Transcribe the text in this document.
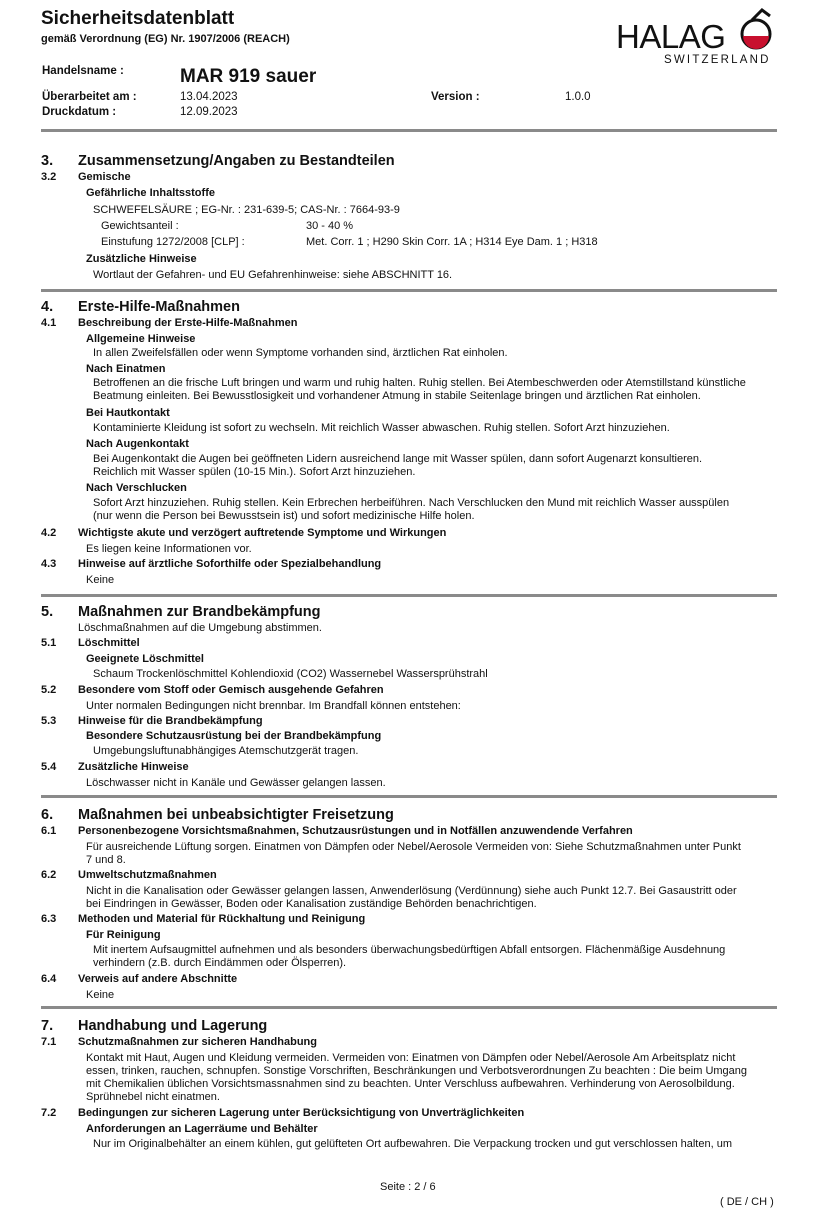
Sicherheitsdatenblatt
gemäß Verordnung (EG) Nr. 1907/2006 (REACH)	HALAG
SWITZERLAND
Handelsname :	MAR 919 sauer
Überarbeitet am :	13.04.2023	Version :	1.0.0
Druckdatum :	12.09.2023
3. Zusammensetzung/Angaben zu Bestandteilen
3.2 Gemische
Gefährliche Inhaltsstoffe
SCHWEFELSÄURE ; EG-Nr. : 231-639-5; CAS-Nr. : 7664-93-9
Gewichtsanteil :	30 - 40 %
Einstufung 1272/2008 [CLP] :	Met. Corr. 1 ; H290 Skin Corr. 1A ; H314 Eye Dam. 1 ; H318
Zusätzliche Hinweise
Wortlaut der Gefahren- und EU Gefahrenhinweise: siehe ABSCHNITT 16.
4. Erste-Hilfe-Maßnahmen
4.1 Beschreibung der Erste-Hilfe-Maßnahmen
Allgemeine Hinweise
In allen Zweifelsfällen oder wenn Symptome vorhanden sind, ärztlichen Rat einholen.
Nach Einatmen
Betroffenen an die frische Luft bringen und warm und ruhig halten. Ruhig stellen. Bei Atembeschwerden oder Atemstillstand künstliche
Beatmung einleiten. Bei Bewusstlosigkeit und vorhandener Atmung in stabile Seitenlage bringen und ärztlichen Rat einholen.
Bei Hautkontakt
Kontaminierte Kleidung ist sofort zu wechseln. Mit reichlich Wasser abwaschen. Ruhig stellen. Sofort Arzt hinzuziehen.
Nach Augenkontakt
Bei Augenkontakt die Augen bei geöffneten Lidern ausreichend lange mit Wasser spülen, dann sofort Augenarzt konsultieren.
Reichlich mit Wasser spülen (10-15 Min.). Sofort Arzt hinzuziehen.
Nach Verschlucken
Sofort Arzt hinzuziehen. Ruhig stellen. Kein Erbrechen herbeiführen. Nach Verschlucken den Mund mit reichlich Wasser ausspülen
(nur wenn die Person bei Bewusstsein ist) und sofort medizinische Hilfe holen.
4.2 Wichtigste akute und verzögert auftretende Symptome und Wirkungen
Es liegen keine Informationen vor.
4.3 Hinweise auf ärztliche Soforthilfe oder Spezialbehandlung
Keine
5. Maßnahmen zur Brandbekämpfung
Löschmaßnahmen auf die Umgebung abstimmen.
5.1 Löschmittel
Geeignete Löschmittel
Schaum Trockenlöschmittel Kohlendioxid (CO2) Wassernebel Wassersprühstrahl
5.2 Besondere vom Stoff oder Gemisch ausgehende Gefahren
Unter normalen Bedingungen nicht brennbar. Im Brandfall können entstehen:
5.3 Hinweise für die Brandbekämpfung
Besondere Schutzausrüstung bei der Brandbekämpfung
Umgebungsluftunabhängiges Atemschutzgerät tragen.
5.4 Zusätzliche Hinweise
Löschwasser nicht in Kanäle und Gewässer gelangen lassen.
6. Maßnahmen bei unbeabsichtigter Freisetzung
6.1 Personenbezogene Vorsichtsmaßnahmen, Schutzausrüstungen und in Notfällen anzuwendende Verfahren
Für ausreichende Lüftung sorgen. Einatmen von Dämpfen oder Nebel/Aerosole Vermeiden von: Siehe Schutzmaßnahmen unter Punkt
7 und 8.
6.2 Umweltschutzmaßnahmen
Nicht in die Kanalisation oder Gewässer gelangen lassen, Anwenderlösung (Verdünnung) siehe auch Punkt 12.7. Bei Gasaustritt oder
bei Eindringen in Gewässer, Boden oder Kanalisation zuständige Behörden benachrichtigen.
6.3 Methoden und Material für Rückhaltung und Reinigung
Für Reinigung
Mit inertem Aufsaugmittel aufnehmen und als besonders überwachungsbedürftigen Abfall entsorgen. Flächenmäßige Ausdehnung
verhindern (z.B. durch Eindämmen oder Ölsperren).
6.4 Verweis auf andere Abschnitte
Keine
7. Handhabung und Lagerung
7.1 Schutzmaßnahmen zur sicheren Handhabung
Kontakt mit Haut, Augen und Kleidung vermeiden. Vermeiden von: Einatmen von Dämpfen oder Nebel/Aerosole Am Arbeitsplatz nicht
essen, trinken, rauchen, schnupfen. Sonstige Vorschriften, Beschränkungen und Verbotsverordnungen Zu beachten : Die beim Umgang
mit Chemikalien üblichen Vorsichtsmassnahmen sind zu beachten. Unter Verschluss aufbewahren. Verhinderung von Aerosolbildung.
Sprühnebel nicht einatmen.
7.2 Bedingungen zur sicheren Lagerung unter Berücksichtigung von Unverträglichkeiten
Anforderungen an Lagerräume und Behälter
Nur im Originalbehälter an einem kühlen, gut gelüfteten Ort aufbewahren. Die Verpackung trocken und gut verschlossen halten, um
Seite : 2 / 6
( DE / CH )
